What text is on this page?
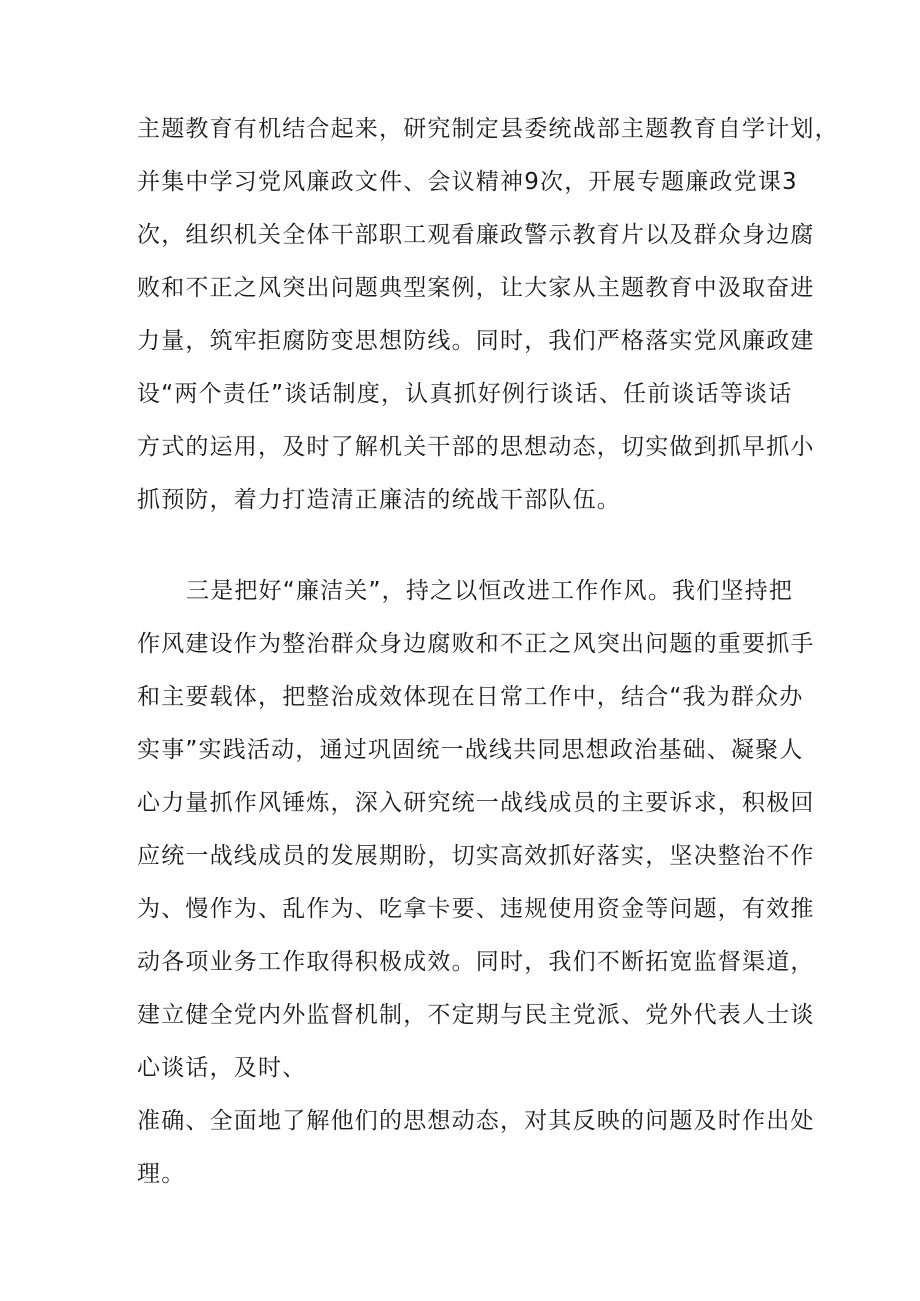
主题教育有机结合起来，研究制定县委统战部主题教育自学计划，
并集中学习党风廉政文件、会议精神9次，开展专题廉政党课3
次，组织机关全体干部职工观看廉政警示教育片以及群众身边腐
败和不正之风突出问题典型案例，让大家从主题教育中汲取奋进
力量，筑牢拒腐防变思想防线。同时，我们严格落实党风廉政建
设“两个责任”谈话制度，认真抓好例行谈话、任前谈话等谈话
方式的运用，及时了解机关干部的思想动态，切实做到抓早抓小
抓预防，着力打造清正廉洁的统战干部队伍。
三是把好“廉洁关”，持之以恒改进工作作风。我们坚持把
作风建设作为整治群众身边腐败和不正之风突出问题的重要抓手
和主要载体，把整治成效体现在日常工作中，结合“我为群众办
实事”实践活动，通过巩固统一战线共同思想政治基础、凝聚人
心力量抓作风锤炼，深入研究统一战线成员的主要诉求，积极回
应统一战线成员的发展期盼，切实高效抓好落实，坚决整治不作
为、慢作为、乱作为、吃拿卡要、违规使用资金等问题，有效推
动各项业务工作取得积极成效。同时，我们不断拓宽监督渠道，
建立健全党内外监督机制，不定期与民主党派、党外代表人士谈
心谈话，及时、
准确、全面地了解他们的思想动态，对其反映的问题及时作出处
理。
